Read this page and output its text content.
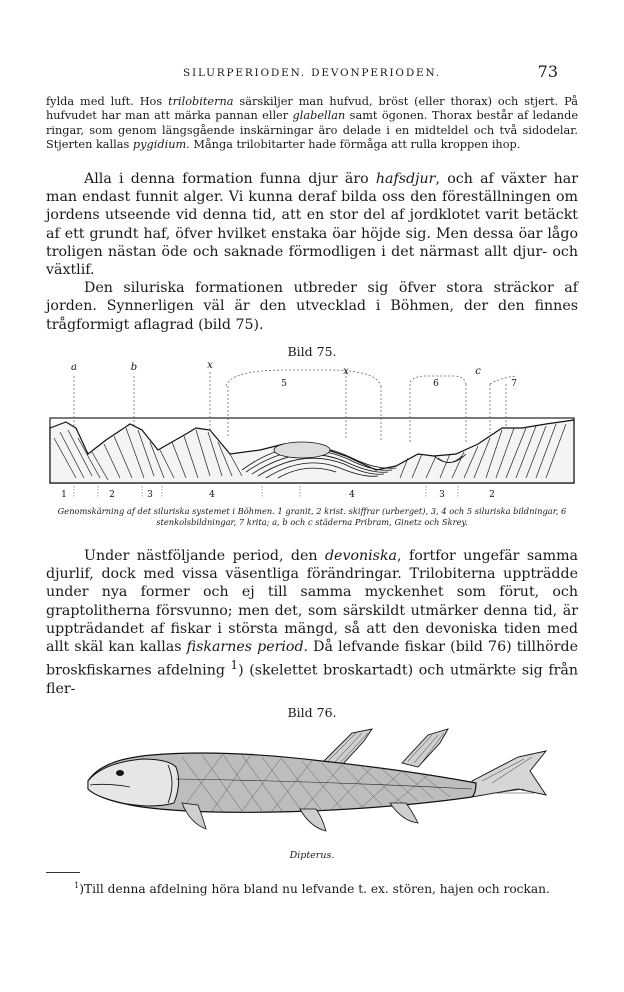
SILURPERIODEN. DEVONPERIODEN.	73

fylda med luft. Hos trilobiterna särskiljer man hufvud, bröst (eller thorax) och stjert. På hufvudet har man att märka pannan eller glabellan samt ögonen. Thorax består af ledande ringar, som genom längsgående inskärningar äro delade i en midteldel och två sidodelar. Stjerten kallas pygidium. Många trilobitarter hade förmåga att rulla kroppen ihop.

Alla i denna formation funna djur äro hafsdjur, och af växter har man endast funnit alger. Vi kunna deraf bilda oss den föreställningen om jordens utseende vid denna tid, att en stor del af jordklotet varit betäckt af ett grundt haf, öfver hvilket enstaka öar höjde sig. Men dessa öar lågo troligen nästan öde och saknade förmodligen i det närmast allt djur- och växtlif.

Den siluriska formationen utbreder sig öfver stora sträckor af jorden. Synnerligen väl är den utvecklad i Böhmen, der den finnes trågformigt aflagrad (bild 75).

Bild 75.
a	b	x
x	c
5	6	7
1	2	3	4	4	3	2

Genomskärning af det siluriska systemet i Böhmen. 1 granit, 2 krist. skiffrar (urberget), 3, 4 och 5 siluriska bildningar, 6 stenkolsbildningar, 7 krita; a, b och c städerna Pribram, Ginetz och Skrey.

Under nästföljande period, den devoniska, fortfor ungefär samma djurlif, dock med vissa väsentliga förändringar. Trilobiterna uppträdde under nya former och ej till samma myckenhet som förut, och graptolitherna försvunno; men det, som särskildt utmärker denna tid, är uppträdandet af fiskar i största mängd, så att den devoniska tiden med allt skäl kan kallas fiskarnes period. Då lefvande fiskar (bild 76) tillhörde broskfiskarnes afdelning $^1$) (skelettet broskartadt) och utmärkte sig från fler-

Bild 76.
Dipterus.

$^1$)Till denna afdelning höra bland nu lefvande t. ex. stören, hajen och rockan.
